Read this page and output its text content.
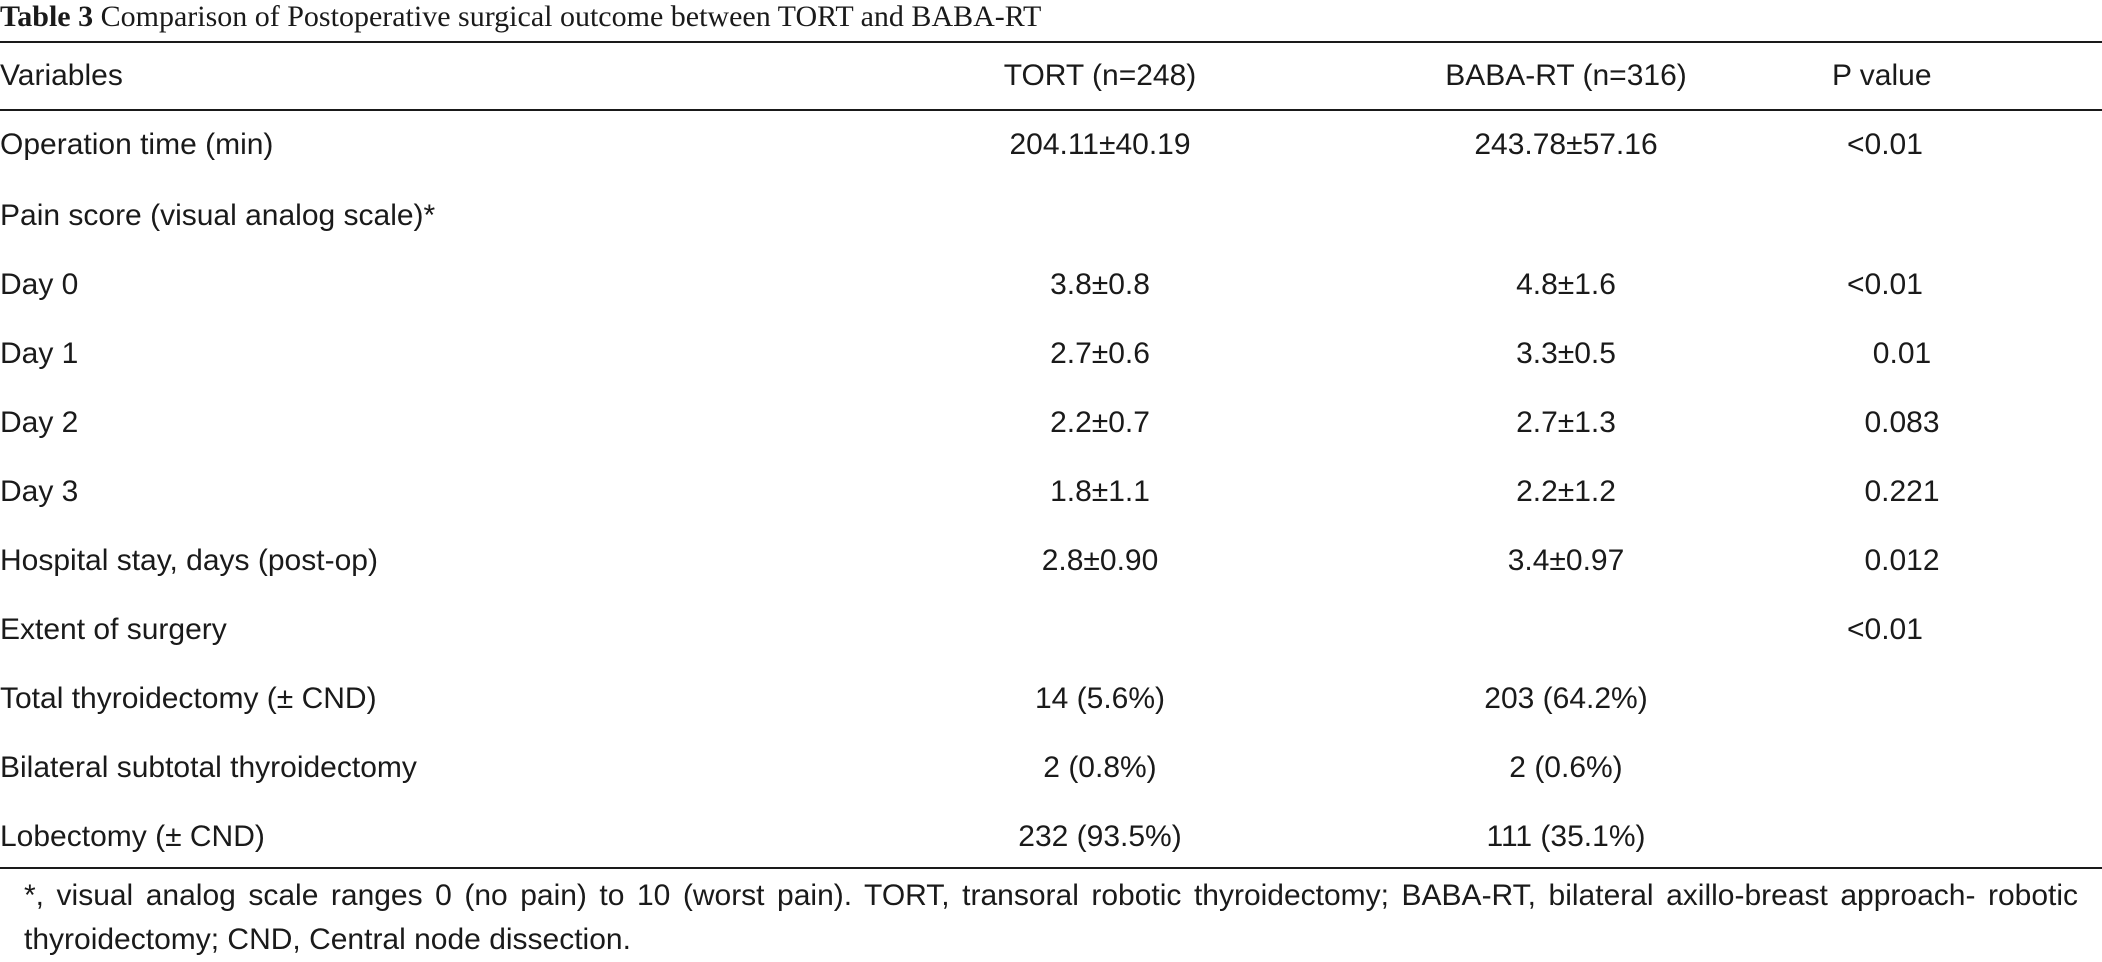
Table 3 Comparison of Postoperative surgical outcome between TORT and BABA-RT
Variables	TORT (n=248)	BABA-RT (n=316)	P value
Operation time (min)	204.11±40.19	243.78±57.16	<0.01
Pain score (visual analog scale)*			
Day 0	3.8±0.8	4.8±1.6	<0.01
Day 1	2.7±0.6	3.3±0.5	0.01
Day 2	2.2±0.7	2.7±1.3	0.083
Day 3	1.8±1.1	2.2±1.2	0.221
Hospital stay, days (post-op)	2.8±0.90	3.4±0.97	0.012
Extent of surgery			<0.01
Total thyroidectomy (± CND)	14 (5.6%)	203 (64.2%)	
Bilateral subtotal thyroidectomy	2 (0.8%)	2 (0.6%)	
Lobectomy (± CND)	232 (93.5%)	111 (35.1%)	
*, visual analog scale ranges 0 (no pain) to 10 (worst pain). TORT, transoral robotic thyroidectomy; BABA-RT, bilateral axillo-breast approach- robotic thyroidectomy; CND, Central node dissection.
